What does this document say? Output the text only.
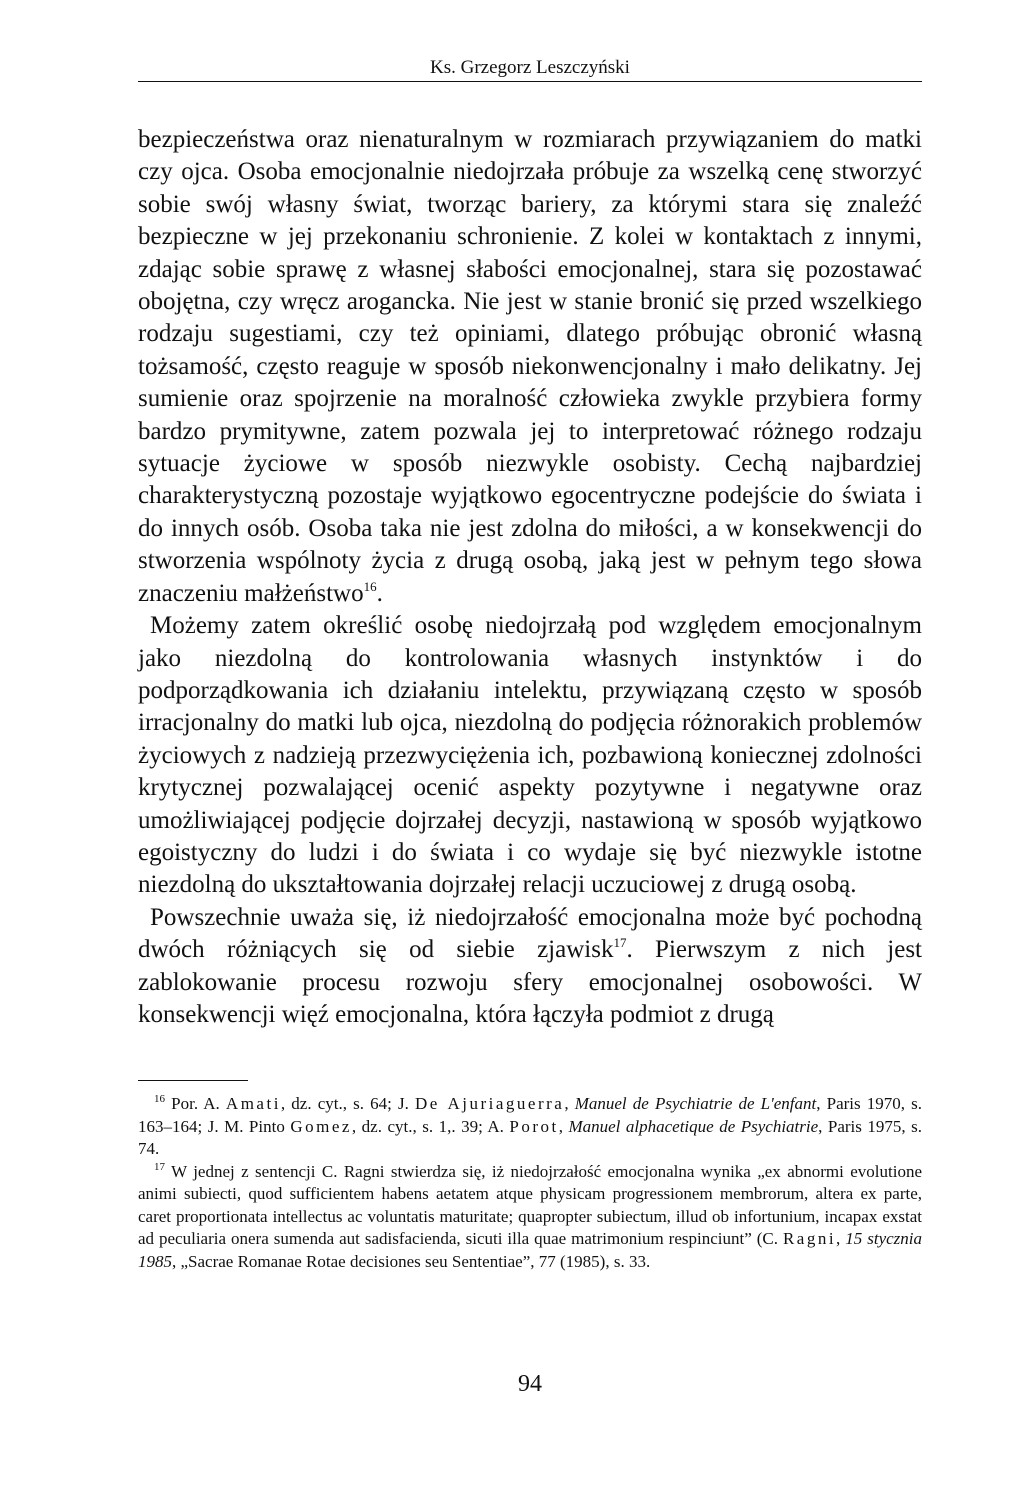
Ks. Grzegorz Leszczyński

bezpieczeństwa oraz nienaturalnym w rozmiarach przywiązaniem do matki czy ojca. Osoba emocjonalnie niedojrzała próbuje za wszelką cenę stworzyć sobie swój własny świat, tworząc bariery, za którymi stara się znaleźć bezpieczne w jej przekonaniu schronienie. Z kolei w kontaktach z innymi, zdając sobie sprawę z własnej słabości emocjonalnej, stara się pozostawać obojętna, czy wręcz arogancka. Nie jest w stanie bronić się przed wszelkiego rodzaju sugestiami, czy też opiniami, dlatego próbując obronić własną tożsamość, często reaguje w sposób niekonwencjonalny i mało delikatny. Jej sumienie oraz spojrzenie na moralność człowieka zwykle przybiera formy bardzo prymitywne, zatem pozwala jej to interpretować różnego rodzaju sytuacje życiowe w sposób niezwykle osobisty. Cechą najbardziej charakterystyczną pozostaje wyjątkowo egocentryczne podejście do świata i do innych osób. Osoba taka nie jest zdolna do miłości, a w konsekwencji do stworzenia wspólnoty życia z drugą osobą, jaką jest w pełnym tego słowa znaczeniu małżeństwo$^{16}$.

Możemy zatem określić osobę niedojrzałą pod względem emocjonalnym jako niezdolną do kontrolowania własnych instynktów i do podporządkowania ich działaniu intelektu, przywiązaną często w sposób irracjonalny do matki lub ojca, niezdolną do podjęcia różnorakich problemów życiowych z nadzieją przezwyciężenia ich, pozbawioną koniecznej zdolności krytycznej pozwalającej ocenić aspekty pozytywne i negatywne oraz umożliwiającej podjęcie dojrzałej decyzji, nastawioną w sposób wyjątkowo egoistyczny do ludzi i do świata i co wydaje się być niezwykle istotne niezdolną do ukształtowania dojrzałej relacji uczuciowej z drugą osobą.

Powszechnie uważa się, iż niedojrzałość emocjonalna może być pochodną dwóch różniących się od siebie zjawisk$^{17}$. Pierwszym z nich jest zablokowanie procesu rozwoju sfery emocjonalnej osobowości. W konsekwencji więź emocjonalna, która łączyła podmiot z drugą

$^{16}$ Por. A. Amati, dz. cyt., s. 64; J. De Ajuriaguerra, Manuel de Psychiatrie de L'enfant, Paris 1970, s. 163–164; J. M. Pinto Gomez, dz. cyt., s. 1,. 39; A. Porot, Manuel alphacetique de Psychiatrie, Paris 1975, s. 74.

$^{17}$ W jednej z sentencji C. Ragni stwierdza się, iż niedojrzałość emocjonalna wynika „ex abnormi evolutione animi subiecti, quod sufficientem habens aetatem atque physicam progressionem membrorum, altera ex parte, caret proportionata intellectus ac voluntatis maturitate; quapropter subiectum, illud ob infortunium, incapax exstat ad peculiaria onera sumenda aut sadisfacienda, sicuti illa quae matrimonium respinciunt” (C. Ragni, 15 stycznia 1985, „Sacrae Romanae Rotae decisiones seu Sententiae”, 77 (1985), s. 33.

94
